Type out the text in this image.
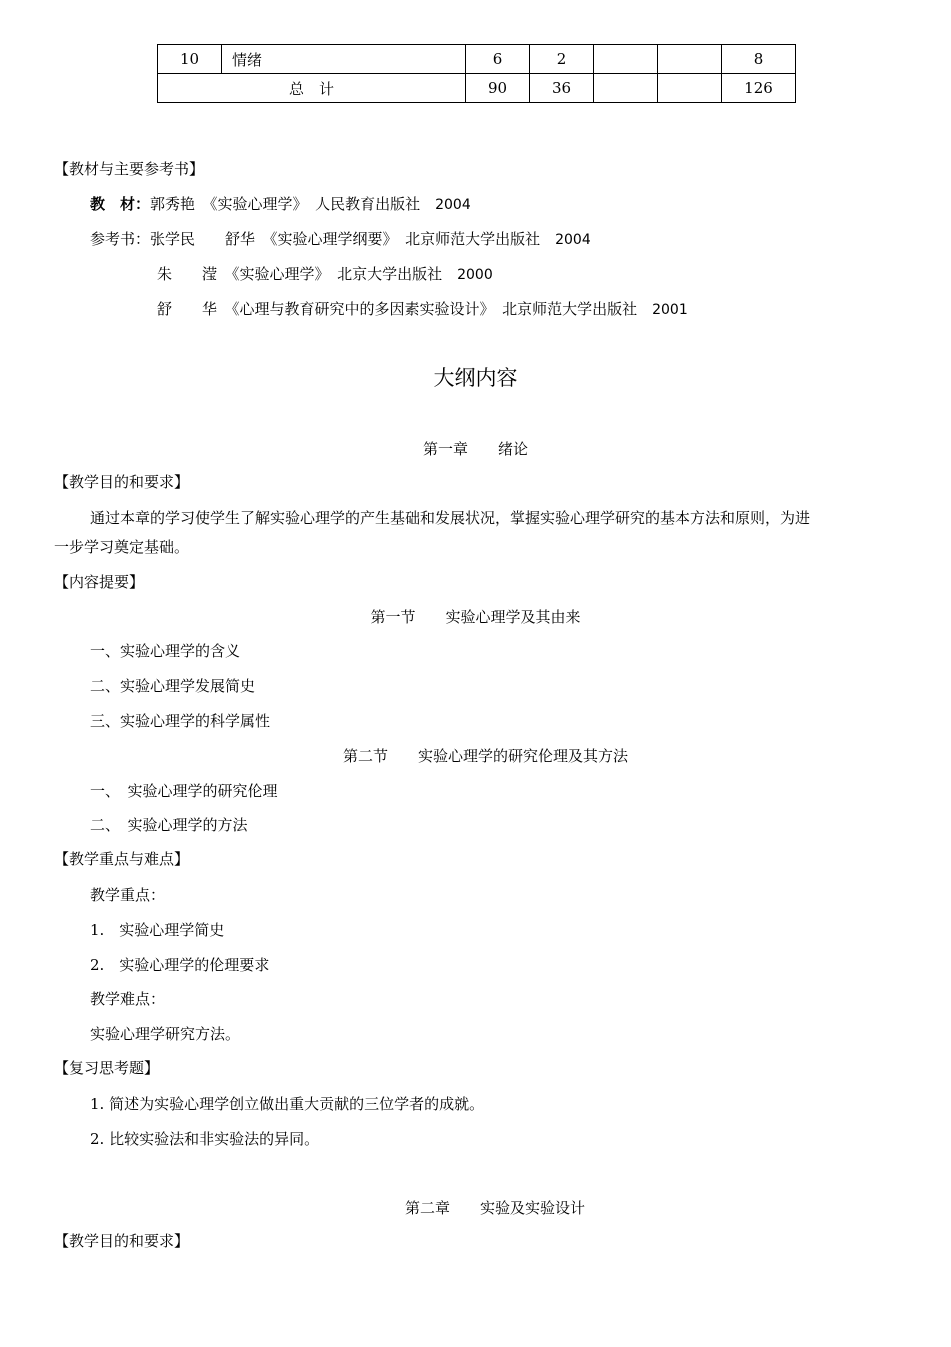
10	情绪	6	2			8
总　计		90	36			126
【教材与主要参考书】
教　材：郭秀艳　 《实验心理学》　 人民教育出版社　 2004
参考书：张学民　　舒华　 《实验心理学纲要》　 北京师范大学出版社　 2004
朱　　滢　 《实验心理学》　 北京大学出版社　 2000
舒　　华　 《心理与教育研究中的多因素实验设计》　 北京师范大学出版社　 2001
大纲内容
第一章　　绪论
【教学目的和要求】
通过本章的学习使学生了解实验心理学的产生基础和发展状况，掌握实验心理学研究的基本方法和原则，为进
一步学习奠定基础。
【内容提要】
第一节　　实验心理学及其由来
一、实验心理学的含义
二、实验心理学发展简史
三、实验心理学的科学属性
第二节　　实验心理学的研究伦理及其方法
一、　实验心理学的研究伦理
二、　实验心理学的方法
【教学重点与难点】
教学重点：
1.　实验心理学简史
2.　实验心理学的伦理要求
教学难点：
实验心理学研究方法。
【复习思考题】
1. 简述为实验心理学创立做出重大贡献的三位学者的成就。
2. 比较实验法和非实验法的异同。
第二章　　实验及实验设计
【教学目的和要求】
